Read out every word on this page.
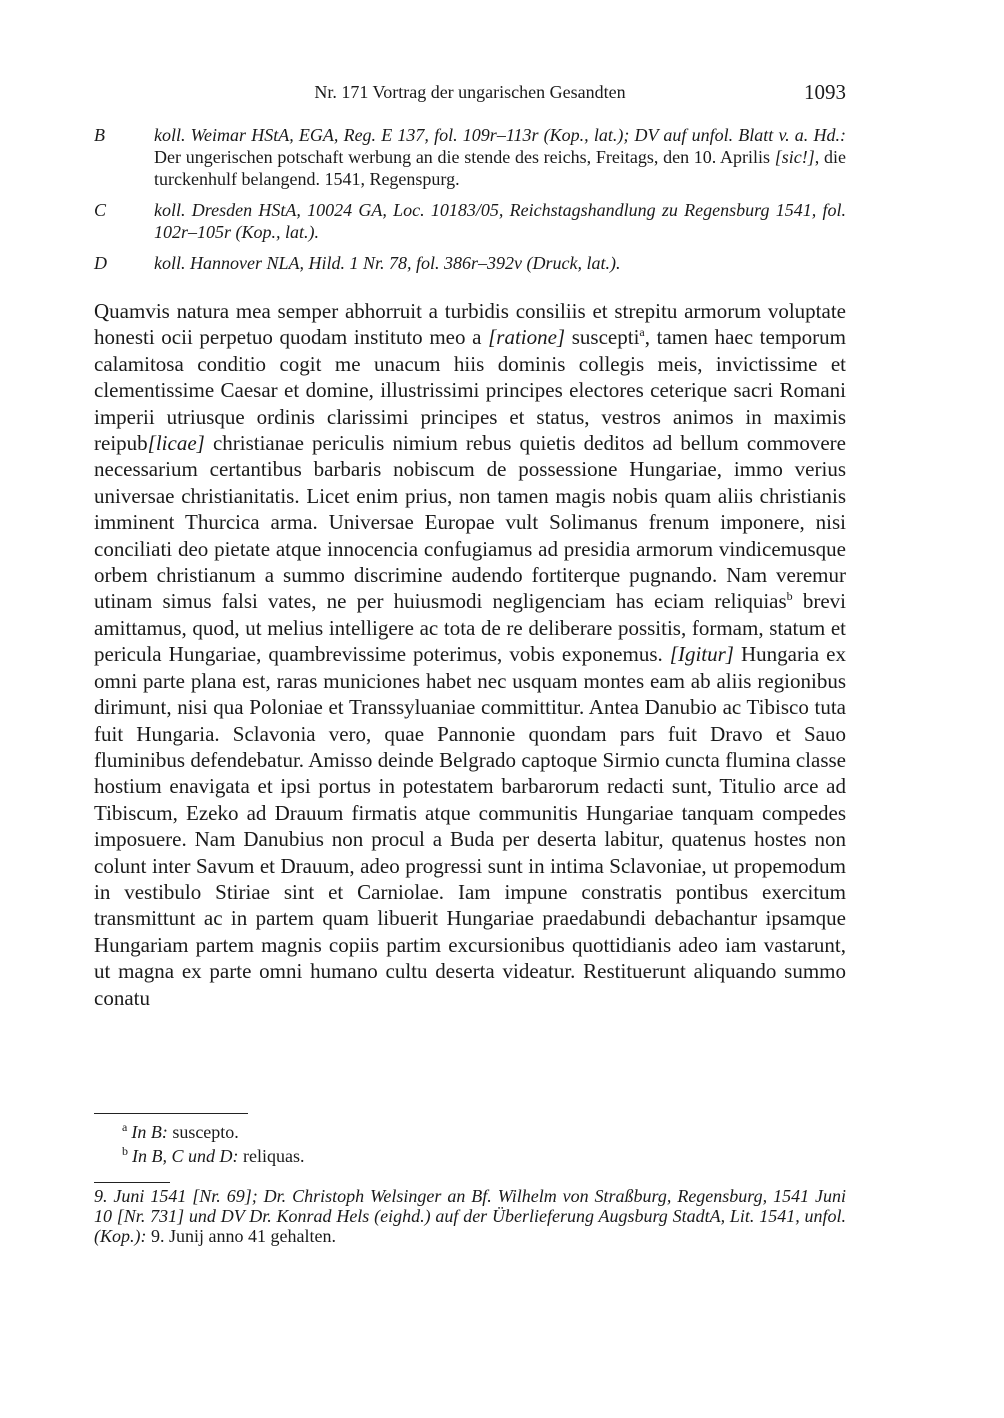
Nr. 171 Vortrag der ungarischen Gesandten	1093
B	koll. Weimar HStA, EGA, Reg. E 137, fol. 109r–113r (Kop., lat.); DV auf unfol. Blatt v. a. Hd.: Der ungerischen potschaft werbung an die stende des reichs, Freitags, den 10. Aprilis [sic!], die turckenhulf belangend. 1541, Regenspurg.
C	koll. Dresden HStA, 10024 GA, Loc. 10183/05, Reichstagshandlung zu Regensburg 1541, fol. 102r–105r (Kop., lat.).
D	koll. Hannover NLA, Hild. 1 Nr. 78, fol. 386r–392v (Druck, lat.).
Quamvis natura mea semper abhorruit a turbidis consiliis et strepitu armorum voluptate honesti ocii perpetuo quodam instituto meo a [ratione] suscepti$^a$, tamen haec temporum calamitosa conditio cogit me unacum hiis dominis collegis meis, invictissime et clementissime Caesar et domine, illustrissimi principes electores ceterique sacri Romani imperii utriusque ordinis clarissimi principes et status, vestros animos in maximis reipub[licae] christianae periculis nimium rebus quietis deditos ad bellum commovere necessarium certantibus barbaris nobiscum de possessione Hungariae, immo verius universae christianitatis. Licet enim prius, non tamen magis nobis quam aliis christianis imminent Thurcica arma. Universae Europae vult Solimanus frenum imponere, nisi conciliati deo pietate atque innocencia confugiamus ad presidia armorum vindicemusque orbem christianum a summo discrimine audendo fortiterque pugnando. Nam veremur utinam simus falsi vates, ne per huiusmodi negligenciam has eciam reliquias$^b$ brevi amittamus, quod, ut melius intelligere ac tota de re deliberare possitis, formam, statum et pericula Hungariae, quambrevissime poterimus, vobis exponemus. [Igitur] Hungaria ex omni parte plana est, raras municiones habet nec usquam montes eam ab aliis regionibus dirimunt, nisi qua Poloniae et Transsyluaniae committitur. Antea Danubio ac Tibisco tuta fuit Hungaria. Sclavonia vero, quae Pannonie quondam pars fuit Dravo et Sauo fluminibus defendebatur. Amisso deinde Belgrado captoque Sirmio cuncta flumina classe hostium enavigata et ipsi portus in potestatem barbarorum redacti sunt, Titulio arce ad Tibiscum, Ezeko ad Drauum firmatis atque communitis Hungariae tanquam compedes imposuere. Nam Danubius non procul a Buda per deserta labitur, quatenus hostes non colunt inter Savum et Drauum, adeo progressi sunt in intima Sclavoniae, ut propemodum in vestibulo Stiriae sint et Carniolae. Iam impune constratis pontibus exercitum transmittunt ac in partem quam libuerit Hungariae praedabundi debachantur ipsamque Hungariam partem magnis copiis partim excursionibus quottidianis adeo iam vastarunt, ut magna ex parte omni humano cultu deserta videatur. Restituerunt aliquando summo conatu
$^a$ In B: suscepto.
$^b$ In B, C und D: reliquas.
9. Juni 1541 [Nr. 69]; Dr. Christoph Welsinger an Bf. Wilhelm von Straßburg, Regensburg, 1541 Juni 10 [Nr. 731] und DV Dr. Konrad Hels (eighd.) auf der Überlieferung Augsburg StadtA, Lit. 1541, unfol. (Kop.): 9. Junij anno 41 gehalten.
